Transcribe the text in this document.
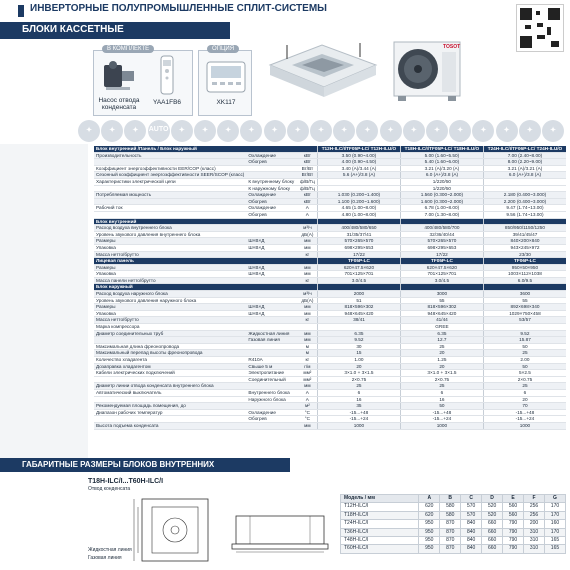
ИНВЕРТОРНЫЕ ПОЛУПРОМЫШЛЕННЫЕ СПЛИТ-СИСТЕМЫ
БЛОКИ КАССЕТНЫЕ
В КОМПЛЕКТЕ
Насос отвода конденсата
YAA1FB6
ОПЦИЯ
XK117
TOSOT
✦	✦	✦	AUTO	✦	✦	✦	✦	✦	✦	✦	✦	✦	✦	✦	✦	✦	✦	✦	✦	✦
Блок внутренний /Панель / Блок наружный			T12H-ILC/I/TF05P-LC/ T12H-ILU/O	T18H-ILC/I/TF05P-LC/ T18H-ILU/O	T24H-ILC/I/TF06P-LC/ T24H-ILU/O
Производительность	Охлаждение	кВт	3.50 (0.90~4.00)	5.00 (1.60~5.50)	7.00 (2.40~8.00)
	Обогрев	кВт	4.00 (0.90~4.50)	5.40 (1.60~6.00)	8.00 (2.20~9.00)
Коэффициент энергоэффективности EER/COP (класс)		Вт/Вт	3.40 (A)/3.44 (A)	3.21 (A)/3.20 (A)	3.21 (A)/3.21 (A)
Сезонный коэффициент энергоэффективности SEER/SCOP (класс)		Вт/Вт	5.6 (A+)/3.8 (A)	6.0 (A+)/3.8 (A)	6.0 (A+)/3.8 (A)
Характеристики электрической цепи	К внутреннему блоку	ф/В/Гц		1/220/50	
	К наружному блоку	ф/В/Гц		1/220/50	
Потребляемая мощность	Охлаждение	кВт	1.030 (0.200~1.400)	1.560 (0.300~2.000)	2.180 (0.400~3.000)
	Обогрев	кВт	1.100 (0.200~1.600)	1.600 (0.300~2.000)	2.200 (0.400~3.000)
Рабочий ток	Охлаждение	А	4.65 (1.00~8.00)	6.78 (1.00~8.00)	9.47 (1.74~13.00)
	Обогрев	А	4.80 (1.00~8.00)	7.00 (1.30~8.00)	9.56 (1.74~13.00)
Блок внутренний					
Расход воздуха внутреннего блока		м³/ч	400/480/580/650	400/480/580/700	850/950/1150/1250
Уровень звукового давления внутреннего блока		дБ(А)	31/35/37/41	32/36/40/44	39/41/45/47
Размеры	Ш×В×Д	мм	570×265×570	570×265×570	840×200×840
Упаковка	Ш×В×Д	мм	698×295×653	698×295×653	943×245×972
Масса нетто/брутто		кг	17/22	17/22	23/30
Лицевая панель			TF05P-LC	TF05P-LC	TF06P-LC
Размеры	Ш×В×Д	мм	620×47.5×620	620×47.5×620	950×50×950
Упаковка	Ш×В×Д	мм	701×125×701	701×125×701	1003×112×1038
Масса панели нетто/брутто		кг	3.0/4.5	3.0/4.5	6.0/9.5
Блок наружный					
Расход воздуха наружного блока		м³/ч	2000	3000	3600
Уровень звукового давления наружного блока		дБ(А)	51	55	55
Размеры	Ш×В×Д	мм	818×596×302	818×596×302	892×698×340
Упаковка	Ш×В×Д	мм	948×645×420	948×645×420	1029×750×458
Масса нетто/брутто		кг	38/41	41/44	53/57
Марка компрессора				GREE	
Диаметр соединительных труб	Жидкостная линия	мм	6.35	6.35	9.52
	Газовая линия	мм	9.52	12.7	15.87
Максимальная длина фреонопровода		м	30	25	50
Максимальный перепад высоты фреонопровода		м	15	20	25
Количество хладагента	R410A	кг	1.00	1.25	2.00
Дозаправка хладагентом	Свыше 5 м	г/м	20	20	50
Кабели электрических подключений	Электропитание	мм²	3×1.0 + 3×1.5	3×1.0 + 3×1.5	5×2.5
	Соединительный	мм²	2×0.75	2×0.75	2×0.75
Диаметр линии отвода конденсата внутреннего блока		мм	25	25	25
Автоматический выключатель	Внутреннего блока	А	6	6	6
	Наружного блока	А	16	16	20
Рекомендуемая площадь помещения, до		м²	35	50	70
Диапазон рабочих температур	Охлаждение	°C	-15...+48	-15...+48	-15...+48
	Обогрев	°C	-15...+24	-15...+24	-15...+24
Высота подъема конденсата		мм	1000	1000	1000
ГАБАРИТНЫЕ РАЗМЕРЫ БЛОКОВ ВНУТРЕННИХ
T18H-ILC/I...T60H-ILC/I
Отвод конденсата
Жидкостная линия
Газовая линия
Модель / мм	A	B	C	D	E	F	G
T12H-ILC/I	620	580	570	520	560	256	170
T18H-ILC/I	620	580	570	520	560	256	170
T24H-ILC/I	950	870	840	660	790	200	160
T36H-ILC/I	950	870	840	660	790	310	170
T48H-ILC/I	950	870	840	660	790	310	165
T60H-ILC/I	950	870	840	660	790	310	165
